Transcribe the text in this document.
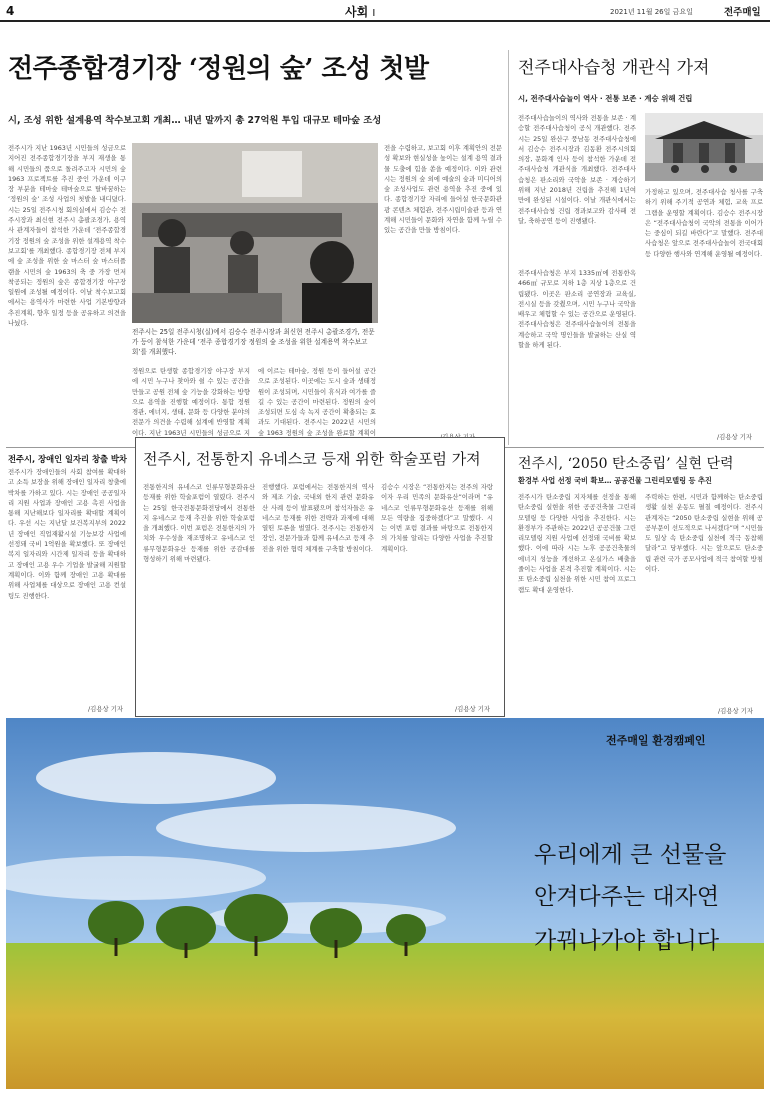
4	사회 I	2021년 11월 26일 금요일	전주매일
전주종합경기장 ‘정원의 숲’ 조성 첫발
시, 조성 위한 설계용역 착수보고회 개최… 내년 말까지 총 27억원 투입 대규모 테마숲 조성
전주시가 지난 1963년 시민들의 성금으로 지어진 전주종합경기장을 부지 재생을 통해 시민들의 품으로 돌려주고자 시민의 숲 1963 프로젝트를 추진 중인 가운데 이구장 부분을 테마숲 테마숲으로 탈바꿈하는 ‘정원의 숲’ 조성 사업의 첫발을 내디뎠다. 시는 25일 전주시청 회의실에서 김승수 전주시장과 최신현 전주시 총괄조경가, 용역사 관계자들이 참석한 가운데 ‘전주종합경기장 정원의 숲 조성을 위한 설계용역 착수보고회’를 개최했다. 종합경기장 전체 부지에 숲 조성을 위한 숲 마스터 숲 마스터플랜을 시민의 숲 1963의 축 중 가장 먼저 착공되는 정원의 숲은 종합경기장 야구장 일원에 조성될 예정이다. 이날 착수보고회에서는 용역사가 마련한 사업 기본방향과 추진계획, 향후 일정 등을 공유하고 의견을 나눴다.
전주시는 25일 전주시청(실)에서 김승수 전주시장과 최신현 전주시 총괄조경가, 전문가 등이 참석한 가운데 ‘전주 종합경기장 정원의 숲 조성을 위한 설계용역 착수보고회’를 개최했다.
정원으로 탄생할 종합경기장 야구장 부지에 시민 누구나 찾아와 쉴 수 있는 공간을 만들고 공원 전체 숲 기능을 강화하는 방향으로 용역을 진행할 예정이다. 통합 정원 경관, 에너지, 생태, 문화 등 다양한 분야의 전문가 의견을 수렴해 설계에 반영할 계획이다. 지난 1963년 시민들의 성금으로 지
에 이르는 테마숲, 정원 등이 들어설 공간으로 조성된다. 이곳에는 도시 숲과 생태정원이 조성되며, 시민들이 휴식과 여가를 즐길 수 있는 공간이 마련된다. 정원의 숲이 조성되면 도심 속 녹지 공간이 확충되는 효과도 기대된다. 전주시는 2022년 시민의 숲 1963 정원의 숲 조성을 완료할 계획이
전을 수렴하고, 보고회 이후 계획안의 전문성 확보와 현실성을 높이는 설계 용역 결과물 도출에 힘을 쏟을 예정이다. 이와 관련 시는 정원의 숲 외에 예술의 숲과 미디어의 숲 조성사업도 관련 용역을 추진 중에 있다. 종합경기장 자리에 들어설 한국문화관광 콘텐츠 체험관, 전주시립미술관 등과 연계해 시민들이 문화와 자연을 함께 누릴 수 있는 공간을 만들 방침이다.
전주대사습청 개관식 가져
시, 전주대사습놀이 역사 · 전통 보존 · 계승 위해 건립
전주대사습놀이의 역사와 전통을 보존 · 계승할 전주대사습청이 공식 개관했다. 전주시는 25일 완산구 풍남동 전주대사습청에서 김승수 전주시장과 김동환 전주시의회 의장, 문화계 인사 등이 참석한 가운데 전주대사습청 개관식을 개최했다. 전주대사습청은 판소리와 국악을 보존 · 계승하기 위해 지난 2018년 건립을 추진해 1년여 만에 완성된 시설이다. 이날 개관식에서는 전주대사습청 건립 경과보고와 감사패 전달, 축하공연 등이 진행됐다.
전주대사습청은 부지 1335㎡에 전통한옥 466㎡ 규모로 지하 1층 지상 1층으로 건립됐다. 이곳은 판소리 공연장과 교육실, 전시실 등을 갖췄으며, 시민 누구나 국악을 배우고 체험할 수 있는 공간으로 운영된다. 전주대사습청은 전주대사습놀이의 전통을 계승하고 국악 명인들을 발굴하는 산실 역할을 하게 된다.
가정하고 있으며, 전주대사습 청사를 구축하기 위해 주기적 공연과 체험, 교육 프로그램을 운영할 계획이다. 김승수 전주시장은 “전주대사습청이 국악의 전통을 이어가는 중심이 되길 바란다”고 말했다. 전주대사습청은 앞으로 전주대사습놀이 전국대회 등 다양한 행사와 연계해 운영될 예정이다.
/김용상 기자
전주시, 장애인 일자리 창출 박차
전주시가 장애인들의 사회 참여를 확대하고 소득 보장을 위해 장애인 일자리 창출에 박차를 가하고 있다. 시는 장애인 공공일자리 지원 사업과 장애인 고용 촉진 사업을 통해 지난해보다 일자리를 확대할 계획이다. 우선 시는 지난달 보건복지부의 2022년 장애인 직업재활시설 기능보강 사업에 선정돼 국비 1억원을 확보했다. 또 장애인 복지 일자리와 시간제 일자리 등을 확대하고 장애인 고용 우수 기업을 발굴해 지원할 계획이다. 이와 함께 장애인 고용 확대를 위해 사업체를 대상으로 장애인 고용 컨설팅도 진행한다.
/김용상 기자
전주시, 전통한지 유네스코 등재 위한 학술포럼 가져
전통한지의 유네스코 인류무형문화유산 등재를 위한 학술포럼이 열렸다. 전주시는 25일 한국전통문화전당에서 전통한지 유네스코 등재 추진을 위한 학술포럼을 개최했다. 이번 포럼은 전통한지의 가치와 우수성을 재조명하고 유네스코 인류무형문화유산 등재를 위한 공감대를 형성하기 위해 마련됐다.
진행했다. 포럼에서는 전통한지의 역사와 제조 기술, 국내외 한지 관련 문화유산 사례 등이 발표됐으며 참석자들은 유네스코 등재를 위한 전략과 과제에 대해 열띤 토론을 벌였다. 전주시는 전통한지 장인, 전문가들과 함께 유네스코 등재 추진을 위한 협력 체계를 구축할 방침이다.
김승수 시장은 “전통한지는 전주의 자랑이자 우리 민족의 문화유산”이라며 “유네스코 인류무형문화유산 등재를 위해 모든 역량을 집중하겠다”고 말했다. 시는 이번 포럼 결과를 바탕으로 전통한지의 가치를 알리는 다양한 사업을 추진할 계획이다.
/김용상 기자
전주시, ‘2050 탄소중립’ 실현 단력
환경부 사업 선정 국비 확보… 공공건물 그린리모델링 등 추진
전주시가 탄소중립 지자체를 선정을 통해 탄소중립 실현을 위한 공공건축물 그린리모델링 등 다양한 사업을 추진한다. 시는 환경부가 주관하는 2022년 공공건물 그린리모델링 지원 사업에 선정돼 국비를 확보했다. 이에 따라 시는 노후 공공건축물의 에너지 성능을 개선하고 온실가스 배출을 줄이는 사업을 본격 추진할 계획이다. 시는 또 탄소중립 실천을 위한 시민 참여 프로그램도 확대 운영한다.
주력하는 한편, 시민과 함께하는 탄소중립 생활 실천 운동도 펼칠 예정이다. 전주시 관계자는 “2050 탄소중립 실현을 위해 공공부문이 선도적으로 나서겠다”며 “시민들도 일상 속 탄소중립 실천에 적극 동참해 달라”고 당부했다. 시는 앞으로도 탄소중립 관련 국가 공모사업에 적극 참여할 방침이다.
/김용상 기자
전주매일 환경캠페인
우리에게 큰 선물을
안겨다주는 대자연
가꿔나가야 합니다
